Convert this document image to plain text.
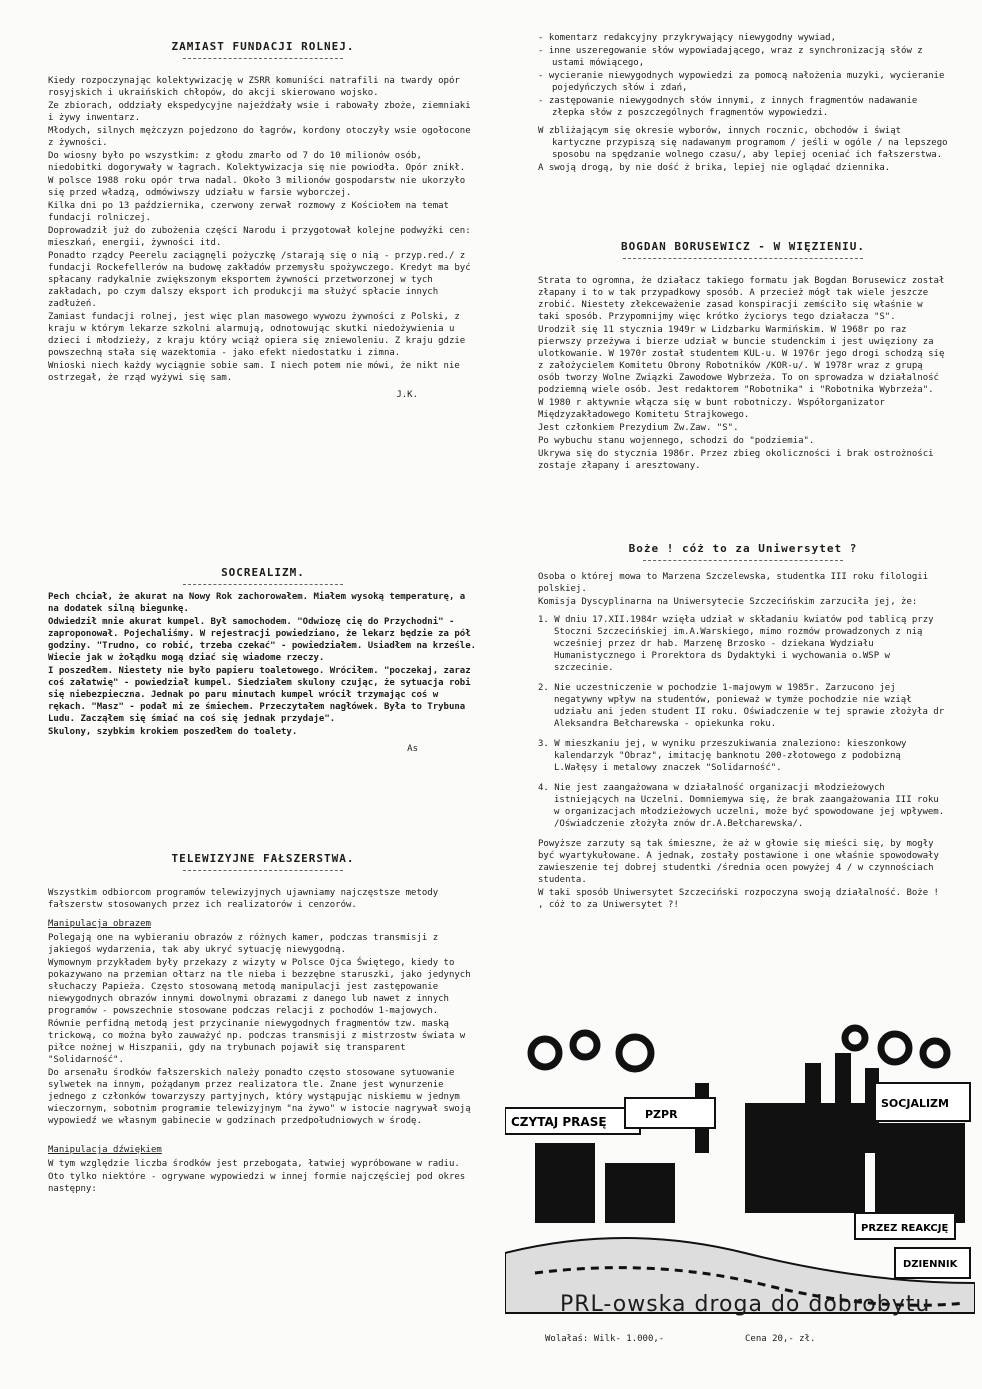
ZAMIAST FUNDACJI ROLNEJ.

Kiedy rozpoczynając kolektywizację w ZSRR komuniści natrafili na twardy opór rosyjskich i ukraińskich chłopów, do akcji skierowano wojsko.

Ze zbiorach, oddziały ekspedycyjne najeżdżały wsie i rabowały zboże, ziemniaki i żywy inwentarz.

Młodych, silnych mężczyzn pojedzono do łagrów, kordony otoczyły wsie ogołocone z żywności.

Do wiosny było po wszystkim: z głodu zmarło od 7 do 10 milionów osób, niedobitki dogorywały w łagrach. Kolektywizacja się nie powiodła. Opór znikł.

W polsce 1988 roku opór trwa nadal. Około 3 milionów gospodarstw nie ukorzyło się przed władzą, odmówiwszy udziału w farsie wyborczej.

Kilka dni po 13 października, czerwony zerwał rozmowy z Kościołem na temat fundacji rolniczej.

Doprowadził już do zubożenia części Narodu i przygotował kolejne podwyżki cen: mieszkań, energii, żywności itd.

Ponadto rządcy Peerelu zaciągnęli pożyczkę /starają się o nią - przyp.red./ z fundacji Rockefellerów na budowę zakładów przemysłu spożywczego. Kredyt ma być spłacany radykalnie zwiększonym eksportem żywności przetworzonej w tych zakładach, po czym dalszy eksport ich produkcji ma służyć spłacie innych zadłużeń.

Zamiast fundacji rolnej, jest więc plan masowego wywozu żywności z Polski, z kraju w którym lekarze szkolni alarmują, odnotowując skutki niedożywienia u dzieci i młodzieży, z kraju który wciąż opiera się zniewoleniu. Z kraju gdzie powszechną stała się wazektomia - jako efekt niedostatku i zimna.

Wnioski niech każdy wyciągnie sobie sam. I niech potem nie mówi, że nikt nie ostrzegał, że rząd wyżywi się sam.

J.K.
SOCREALIZM.

Pech chciał, że akurat na Nowy Rok zachorowałem. Miałem wysoką temperaturę, a na dodatek silną biegunkę.

Odwiedził mnie akurat kumpel. Był samochodem. "Odwiozę cię do Przychodni" - zaproponował. Pojechaliśmy. W rejestracji powiedziano, że lekarz będzie za pół godziny. "Trudno, co robić, trzeba czekać" - powiedziałem. Usiadłem na krześle. Wiecie jak w żołądku mogą dziać się wiadome rzeczy.

I poszedłem. Niestety nie było papieru toaletowego. Wróciłem. "poczekaj, zaraz coś załatwię" - powiedział kumpel. Siedziałem skulony czując, że sytuacja robi się niebezpieczna. Jednak po paru minutach kumpel wrócił trzymając coś w rękach. "Masz" - podał mi ze śmiechem. Przeczytałem nagłówek. Była to Trybuna Ludu. Zacząłem się śmiać na coś się jednak przydaje".

Skulony, szybkim krokiem poszedłem do toalety.

As
TELEWIZYJNE FAŁSZERSTWA.

Wszystkim odbiorcom programów telewizyjnych ujawniamy najczęstsze metody fałszerstw stosowanych przez ich realizatorów i cenzorów.

Manipulacja obrazem

Polegają one na wybieraniu obrazów z różnych kamer, podczas transmisji z jakiegoś wydarzenia, tak aby ukryć sytuację niewygodną.

Wymownym przykładem były przekazy z wizyty w Polsce Ojca Świętego, kiedy to pokazywano na przemian ołtarz na tle nieba i bezzębne staruszki, jako jedynych słuchaczy Papieża. Często stosowaną metodą manipulacji jest zastępowanie niewygodnych obrazów innymi dowolnymi obrazami z danego lub nawet z innych programów - powszechnie stosowane podczas relacji z pochodów 1-majowych.

Równie perfidną metodą jest przycinanie niewygodnych fragmentów tzw. maską trickową, co można było zauważyć np. podczas transmisji z mistrzostw świata w piłce nożnej w Hiszpanii, gdy na trybunach pojawił się transparent "Solidarność".

Do arsenału środków fałszerskich należy ponadto często stosowane sytuowanie sylwetek na innym, pożądanym przez realizatora tle. Znane jest wynurzenie jednego z członków towarzyszy partyjnych, który wystąpując niskiemu w jednym wieczornym, sobotnim programie telewizyjnym "na żywo" w istocie nagrywał swoją wypowiedź we własnym gabinecie w godzinach przedpołudniowych w środę.

Manipulacja dźwiękiem

W tym względzie liczba środków jest przebogata, łatwiej wypróbowane w radiu.

Oto tylko niektóre - ogrywane wypowiedzi w innej formie najczęściej pod okres następny:

- komentarz redakcyjny przykrywający niewygodny wywiad,

- inne uszeregowanie słów wypowiadającego, wraz z synchronizacją słów z ustami mówiącego,

- wycieranie niewygodnych wypowiedzi za pomocą nałożenia muzyki, wycieranie pojedyńczych słów i zdań,

- zastępowanie niewygodnych słów innymi, z innych fragmentów nadawanie złepka słów z poszczególnych fragmentów wypowiedzi.

W zbliżającym się okresie wyborów, innych rocznic, obchodów i świąt kartyczne przypiszą się nadawanym programom / jeśli w ogóle / na lepszego sposobu na spędzanie wolnego czasu/, aby lepiej oceniać ich fałszerstwa.

A swoją drogą, by nie dość ż brika, lepiej nie oglądać dziennika.

BOGDAN BORUSEWICZ - W WIĘZIENIU.

Strata to ogromna, że działacz takiego formatu jak Bogdan Borusewicz został złapany i to w tak przypadkowy sposób. A przecież mógł tak wiele jeszcze zrobić. Niestety złekceważenie zasad konspiracji zemściło się właśnie w taki sposób. Przypomnijmy więc krótko życiorys tego działacza "S".

Urodził się 11 stycznia 1949r w Lidzbarku Warmińskim. W 1968r po raz pierwszy przeżywa i bierze udział w buncie studenckim i jest uwięziony za ulotkowanie. W 1970r został studentem KUL-u. W 1976r jego drogi schodzą się z założycielem Komitetu Obrony Robotników /KOR-u/. W 1978r wraz z grupą osób tworzy Wolne Związki Zawodowe Wybrzeża. To on sprowadza w działalność podziemną wiele osób. Jest redaktorem "Robotnika" i "Robotnika Wybrzeża".

W 1980 r aktywnie włącza się w bunt robotniczy. Współorganizator Międzyzakładowego Komitetu Strajkowego.

Jest członkiem Prezydium Zw.Zaw. "S".

Po wybuchu stanu wojennego, schodzi do "podziemia".

Ukrywa się do stycznia 1986r. Przez zbieg okoliczności i brak ostrożności zostaje złapany i aresztowany.

Boże ! cóż to za Uniwersytet ?

Osoba o której mowa to Marzena Szczelewska, studentka III roku filologii polskiej.

Komisja Dyscyplinarna na Uniwersytecie Szczecińskim zarzuciła jej, że:

1. W dniu 17.XII.1984r wzięła udział w składaniu kwiatów pod tablicą przy Stoczni Szczecińskiej im.A.Warskiego, mimo rozmów prowadzonych z nią wcześniej przez dr hab. Marzenę Brzosko - dziekana Wydziału Humanistycznego i Prorektora ds Dydaktyki i wychowania o.WSP w szczecinie.

2. Nie uczestniczenie w pochodzie 1-majowym w 1985r. Zarzucono jej negatywny wpływ na studentów, ponieważ w tymże pochodzie nie wziął udziału ani jeden student II roku. Oświadczenie w tej sprawie złożyła dr Aleksandra Bełcharewska - opiekunka roku.

3. W mieszkaniu jej, w wyniku przeszukiwania znaleziono: kieszonkowy kalendarzyk "Obraz", imitację banknotu 200-złotowego z podobizną L.Wałęsy i metalowy znaczek "Solidarność".

4. Nie jest zaangażowana w działalność organizacji młodzieżowych istniejących na Uczelni. Domniemywa się, że brak zaangażowania III roku w organizacjach młodzieżowych uczelni, może być spowodowane jej wpływem. /Oświadczenie złożyła znów dr.A.Bełcharewska/.

Powyższe zarzuty są tak śmieszne, że aż w głowie się mieści się, by mogły być wyartykułowane. A jednak, zostały postawione i one właśnie spowodowały zawieszenie tej dobrej studentki /średnia ocen powyżej 4 / w czynnościach studenta.

W taki sposób Uniwersytet Szczeciński rozpoczyna swoją działalność. Boże ! , cóż to za Uniwersytet ?!

SOCJALIZM
CZYTAJ PRASĘ
PZPR
PRZEZ REAKCJĘ
DZIENNIK
PRL-owska droga do dobrobytu
Wolałaś: Wilk- 1.000,-	Cena 20,- zł.
